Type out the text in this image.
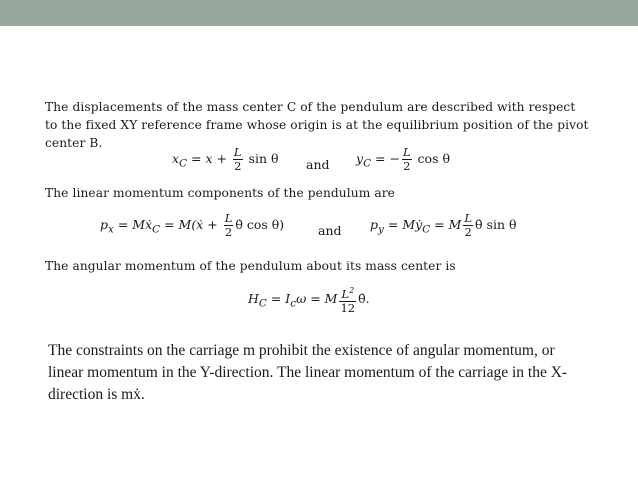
The displacements of the mass center C of the pendulum are described with respect to the fixed XY reference frame whose origin is at the equilibrium position of the pivot center B.
$x_C = x + \frac{L}{2}$ sin θ and $y_C$ = − $\frac{L}{2}$ cos θ
The linear momentum components of the pendulum are
$p_x$ = Mẋ$_C$ = M(ẋ + $\frac{L}{2}$ θ̇ cos θ)	and $p_y$ = Mẏ$_C$ = M $\frac{L}{2}$ θ̇ sin θ
The angular momentum of the pendulum about its mass center is
$H_C = I_c\omega = M \frac{L^2}{12}$ θ̇.
The constraints on the carriage m prohibit the existence of angular momentum, or linear momentum in the Y-direction. The linear momentum of the carriage in the X-direction is mẋ.
